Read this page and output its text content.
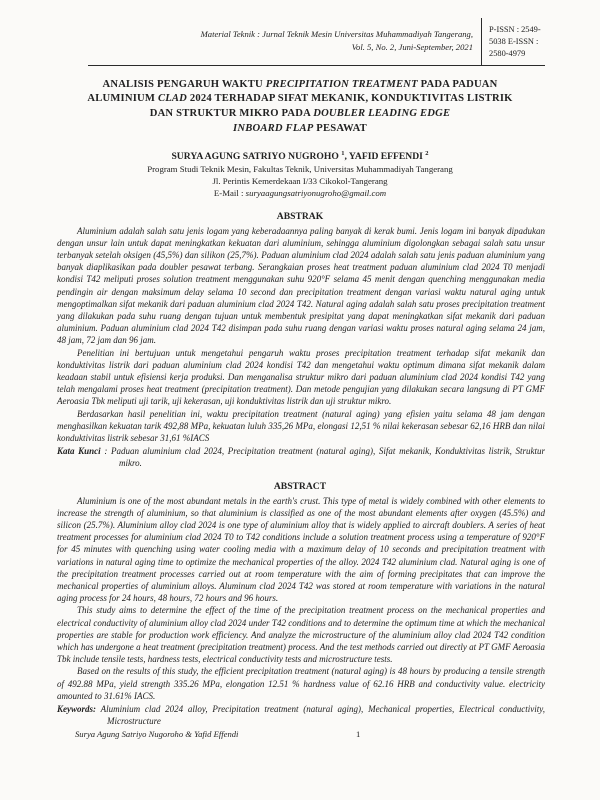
Material Teknik : Jurnal Teknik Mesin Universitas Muhammadiyah Tangerang,
Vol. 5, No. 2, Juni-September, 2021
P-ISSN : 2549-
5038 E-ISSN :
2580-4979
ANALISIS PENGARUH WAKTU PRECIPITATION TREATMENT PADA PADUAN
ALUMINIUM CLAD 2024 TERHADAP SIFAT MEKANIK, KONDUKTIVITAS LISTRIK
DAN STRUKTUR MIKRO PADA DOUBLER LEADING EDGE
INBOARD FLAP PESAWAT
SURYA AGUNG SATRIYO NUGROHO $^1$, YAFID EFFENDI $^2$
Program Studi Teknik Mesin, Fakultas Teknik, Universitas Muhammadiyah Tangerang
Jl. Perintis Kemerdekaan I/33 Cikokol-Tangerang
E-Mail : suryaagungsatriyonugroho@gmail.com
ABSTRAK

Aluminium adalah salah satu jenis logam yang keberadaannya paling banyak di kerak bumi. Jenis logam ini banyak dipadukan dengan unsur lain untuk dapat meningkatkan kekuatan dari aluminium, sehingga aluminium digolongkan sebagai salah satu unsur terbanyak setelah oksigen (45,5%) dan silikon (25,7%). Paduan aluminium clad 2024 adalah salah satu jenis paduan aluminium yang banyak diaplikasikan pada doubler pesawat terbang. Serangkaian proses heat treatment paduan aluminium clad 2024 T0 menjadi kondisi T42 meliputi proses solution treatment menggunakan suhu 920°F selama 45 menit dengan quenching menggunakan media pendingin air dengan maksimum delay selama 10 second dan precipitation treatment dengan variasi waktu natural aging untuk mengoptimalkan sifat mekanik dari paduan aluminium clad 2024 T42. Natural aging adalah salah satu proses precipitation treatment yang dilakukan pada suhu ruang dengan tujuan untuk membentuk presipitat yang dapat meningkatkan sifat mekanik dari paduan aluminium. Paduan aluminium clad 2024 T42 disimpan pada suhu ruang dengan variasi waktu proses natural aging selama 24 jam, 48 jam, 72 jam dan 96 jam.

Penelitian ini bertujuan untuk mengetahui pengaruh waktu proses precipitation treatment terhadap sifat mekanik dan konduktivitas listrik dari paduan aluminium clad 2024 kondisi T42 dan mengetahui waktu optimum dimana sifat mekanik dalam keadaan stabil untuk efisiensi kerja produksi. Dan menganalisa struktur mikro dari paduan aluminium clad 2024 kondisi T42 yang telah mengalami proses heat treatment (precipitation treatment). Dan metode pengujian yang dilakukan secara langsung di PT GMF Aeroasia Tbk meliputi uji tarik, uji kekerasan, uji konduktivitas listrik dan uji struktur mikro.

Berdasarkan hasil penelitian ini, waktu precipitation treatment (natural aging) yang efisien yaitu selama 48 jam dengan menghasilkan kekuatan tarik 492,88 MPa, kekuatan luluh 335,26 MPa, elongasi 12,51 % nilai kekerasan sebesar 62,16 HRB dan nilai konduktivitas listrik sebesar 31,61 %IACS

Kata Kunci : Paduan aluminium clad 2024, Precipitation treatment (natural aging), Sifat mekanik, Konduktivitas listrik, Struktur mikro.
ABSTRACT

Aluminium is one of the most abundant metals in the earth's crust. This type of metal is widely combined with other elements to increase the strength of aluminium, so that aluminium is classified as one of the most abundant elements after oxygen (45.5%) and silicon (25.7%). Aluminium alloy clad 2024 is one type of aluminium alloy that is widely applied to aircraft doublers. A series of heat treatment processes for aluminium clad 2024 T0 to T42 conditions include a solution treatment process using a temperature of 920°F for 45 minutes with quenching using water cooling media with a maximum delay of 10 seconds and precipitation treatment with variations in natural aging time to optimize the mechanical properties of the alloy. 2024 T42 aluminium clad. Natural aging is one of the precipitation treatment processes carried out at room temperature with the aim of forming precipitates that can improve the mechanical properties of aluminium alloys. Aluminum clad 2024 T42 was stored at room temperature with variations in the natural aging process for 24 hours, 48 hours, 72 hours and 96 hours.

This study aims to determine the effect of the time of the precipitation treatment process on the mechanical properties and electrical conductivity of aluminium alloy clad 2024 under T42 conditions and to determine the optimum time at which the mechanical properties are stable for production work efficiency. And analyze the microstructure of the aluminium alloy clad 2024 T42 condition which has undergone a heat treatment (precipitation treatment) process. And the test methods carried out directly at PT GMF Aeroasia Tbk include tensile tests, hardness tests, electrical conductivity tests and microstructure tests.

Based on the results of this study, the efficient precipitation treatment (natural aging) is 48 hours by producing a tensile strength of 492.88 MPa, yield strength 335.26 MPa, elongation 12.51 % hardness value of 62.16 HRB and conductivity value. electricity amounted to 31.61% IACS.

Keywords: Aluminium clad 2024 alloy, Precipitation treatment (natural aging), Mechanical properties, Electrical conductivity, Microstructure
Surya Agung Satriyo Nugoroho & Yafid Effendi	1
